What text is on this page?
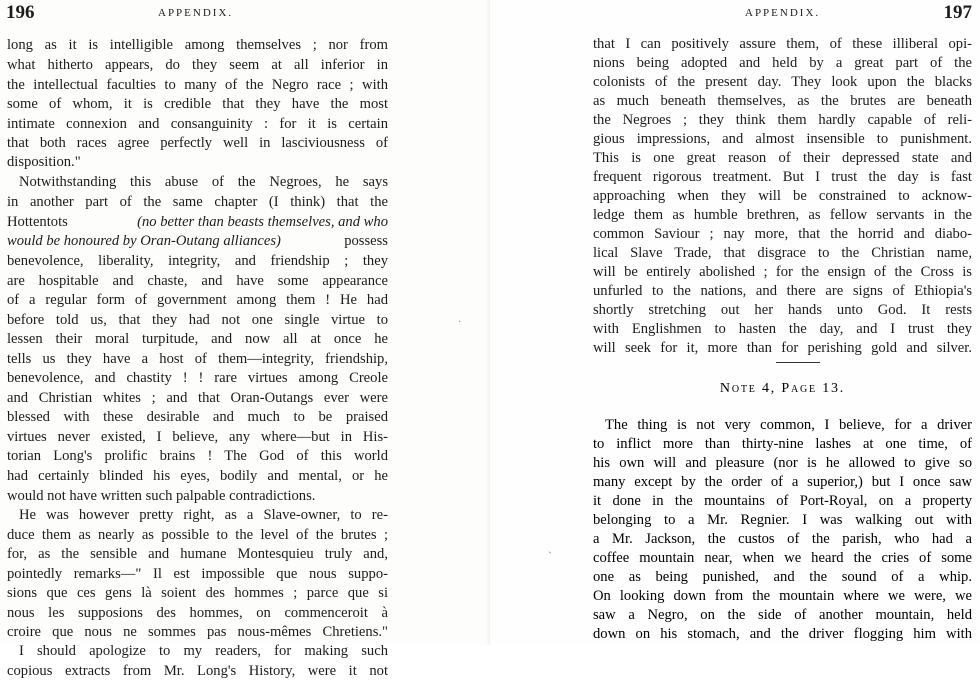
196	APPENDIX.
long as it is intelligible among themselves ; nor from
what hitherto appears, do they seem at all inferior in
the intellectual faculties to many of the Negro race ; with
some of whom, it is credible that they have the most
intimate connexion and consanguinity : for it is certain
that both races agree perfectly well in lasciviousness of
disposition."
Notwithstanding this abuse of the Negroes, he says
in another part of the same chapter (I think) that the
Hottentots	(no better than beasts themselves, and who
would be honoured by Oran-Outang alliances)	possess
benevolence, liberality, integrity, and friendship ; they
are hospitable and chaste, and have some appearance
of a regular form of government among them ! He had
before told us, that they had not one single virtue to
lessen their moral turpitude, and now all at once he
tells us they have a host of them—integrity, friendship,
benevolence, and chastity ! ! rare virtues among Creole
and Christian whites ; and that Oran-Outangs ever were
blessed with these desirable and much to be praised
virtues never existed, I believe, any where—but in His-
torian Long's prolific brains ! The God of this world
had certainly blinded his eyes, bodily and mental, or he
would not have written such palpable contradictions.
He was however pretty right, as a Slave-owner, to re-
duce them as nearly as possible to the level of the brutes ;
for, as the sensible and humane Montesquieu truly and,
pointedly remarks—" Il est impossible que nous suppo-
sions que ces gens là soient des hommes ; parce que si
nous les supposions des hommes, on commenceroit à
croire que nous ne sommes pas nous-mêmes Chretiens."
I should apologize to my readers, for making such
copious extracts from Mr. Long's History, were it not
·
APPENDIX.	197
that I can positively assure them, of these illiberal opi-
nions being adopted and held by a great part of the
colonists of the present day. They look upon the blacks
as much beneath themselves, as the brutes are beneath
the Negroes ; they think them hardly capable of reli-
gious impressions, and almost insensible to punishment.
This is one great reason of their depressed state and
frequent rigorous treatment. But I trust the day is fast
approaching when they will be constrained to acknow-
ledge them as humble brethren, as fellow servants in the
common Saviour ; nay more, that the horrid and diabo-
lical Slave Trade, that disgrace to the Christian name,
will be entirely abolished ; for the ensign of the Cross is
unfurled to the nations, and there are signs of Ethiopia's
shortly stretching out her hands unto God. It rests
with Englishmen to hasten the day, and I trust they
will seek for it, more than for perishing gold and silver.
Note 4, Page 13.
The thing is not very common, I believe, for a driver
to inflict more than thirty-nine lashes at one time, of
his own will and pleasure (nor is he allowed to give so
many except by the order of a superior,) but I once saw
it done in the mountains of Port-Royal, on a property
belonging to a Mr. Regnier. I was walking out with
a Mr. Jackson, the custos of the parish, who had a
coffee mountain near, when we heard the cries of some
one as being punished, and the sound of a whip.
On looking down from the mountain where we were, we
saw a Negro, on the side of another mountain, held
down on his stomach, and the driver flogging him with
ˏ
